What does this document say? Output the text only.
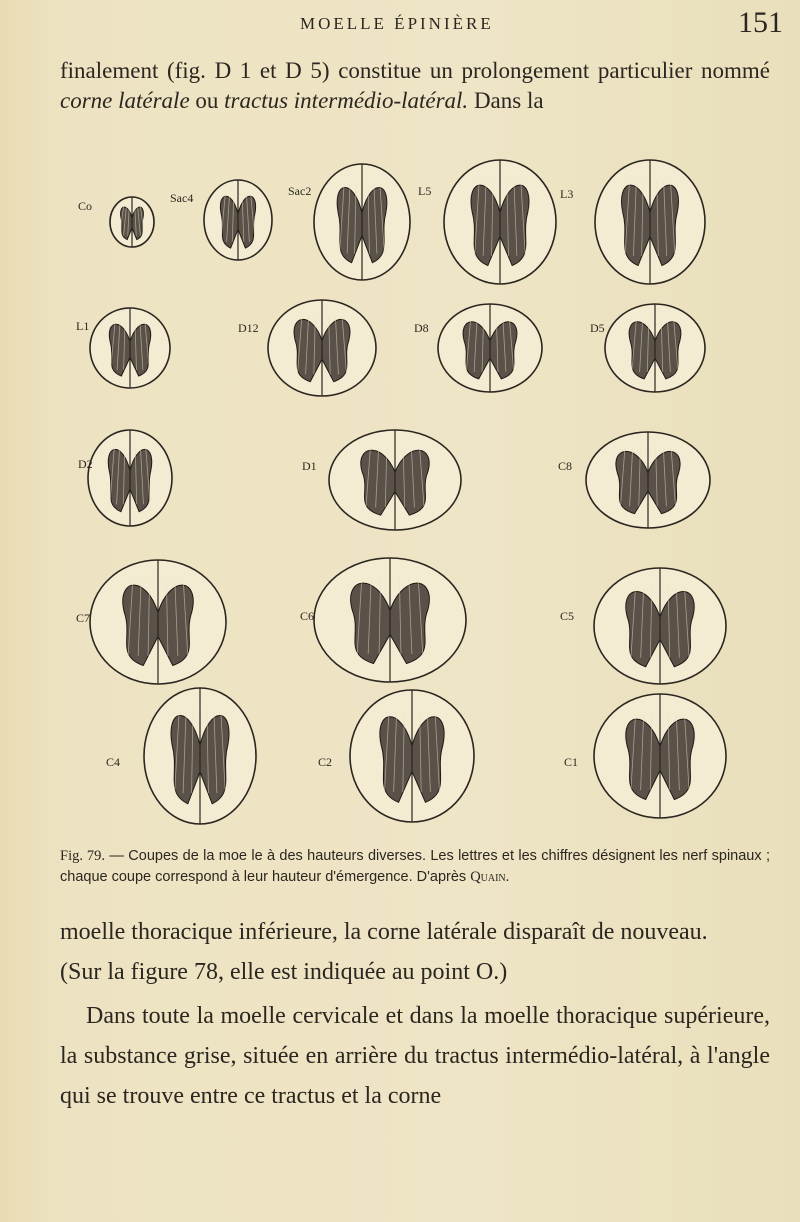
MOELLE ÉPINIÈRE	151

finalement (fig. D 1 et D 5) constitue un prolongement particulier nommé corne latérale ou tractus intermédio-latéral. Dans la

Co
Sac4	Sac2	L5	L3
L1	D12	D8	D5
D2	D1	C8
C7	C6	C5
C4	C2	C1

Fig. 79. — Coupes de la moe le à des hauteurs diverses. Les lettres et les chiffres désignent les nerf spinaux ; chaque coupe correspond à leur hauteur d'émergence. D'après Quain.

moelle thoracique inférieure, la corne latérale disparaît de nouveau.

(Sur la figure 78, elle est indiquée au point O.)

Dans toute la moelle cervicale et dans la moelle thoracique supérieure, la substance grise, située en arrière du tractus intermédio-latéral, à l'angle qui se trouve entre ce tractus et la corne
